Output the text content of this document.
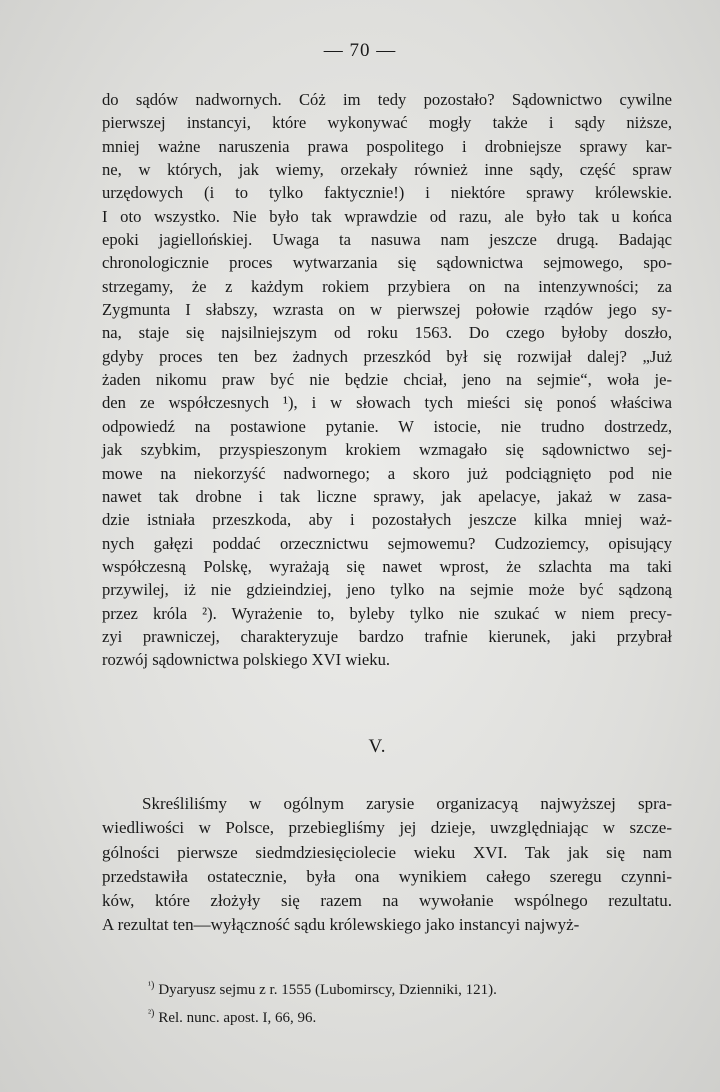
— 70 —
do sądów nadwornych. Cóż im tedy pozostało? Sądownictwo cywilne
pierwszej instancyi, które wykonywać mogły także i sądy niższe,
mniej ważne naruszenia prawa pospolitego i drobniejsze sprawy kar-
ne, w których, jak wiemy, orzekały również inne sądy, część spraw
urzędowych (i to tylko faktycznie!) i niektóre sprawy królewskie.
I oto wszystko. Nie było tak wprawdzie od razu, ale było tak u końca
epoki jagiellońskiej. Uwaga ta nasuwa nam jeszcze drugą. Badając
chronologicznie proces wytwarzania się sądownictwa sejmowego, spo-
strzegamy, że z każdym rokiem przybiera on na intenzywności; za
Zygmunta I słabszy, wzrasta on w pierwszej połowie rządów jego sy-
na, staje się najsilniejszym od roku 1563. Do czego byłoby doszło,
gdyby proces ten bez żadnych przeszkód był się rozwijał dalej? „Już
żaden nikomu praw być nie będzie chciał, jeno na sejmie“, woła je-
den ze współczesnych ¹), i w słowach tych mieści się ponoś właściwa
odpowiedź na postawione pytanie. W istocie, nie trudno dostrzedz,
jak szybkim, przyspieszonym krokiem wzmagało się sądownictwo sej-
mowe na niekorzyść nadwornego; a skoro już podciągnięto pod nie
nawet tak drobne i tak liczne sprawy, jak apelacye, jakaż w zasa-
dzie istniała przeszkoda, aby i pozostałych jeszcze kilka mniej waż-
nych gałęzi poddać orzecznictwu sejmowemu? Cudzoziemcy, opisujący
współczesną Polskę, wyrażają się nawet wprost, że szlachta ma taki
przywilej, iż nie gdzieindziej, jeno tylko na sejmie może być sądzoną
przez króla ²). Wyrażenie to, byleby tylko nie szukać w niem precy-
zyi prawniczej, charakteryzuje bardzo trafnie kierunek, jaki przybrał
rozwój sądownictwa polskiego XVI wieku.
V.
Skreśliliśmy w ogólnym zarysie organizacyą najwyższej spra-
wiedliwości w Polsce, przebiegliśmy jej dzieje, uwzględniając w szcze-
gólności pierwsze siedmdziesięciolecie wieku XVI. Tak jak się nam
przedstawiła ostatecznie, była ona wynikiem całego szeregu czynni-
ków, które złożyły się razem na wywołanie wspólnego rezultatu.
A rezultat ten—wyłączność sądu królewskiego jako instancyi najwyż-
$^{^1)}$ Dyaryusz sejmu z r. 1555 (Lubomirscy, Dzienniki, 121).
$^{^2)}$ Rel. nunc. apost. I, 66, 96.
